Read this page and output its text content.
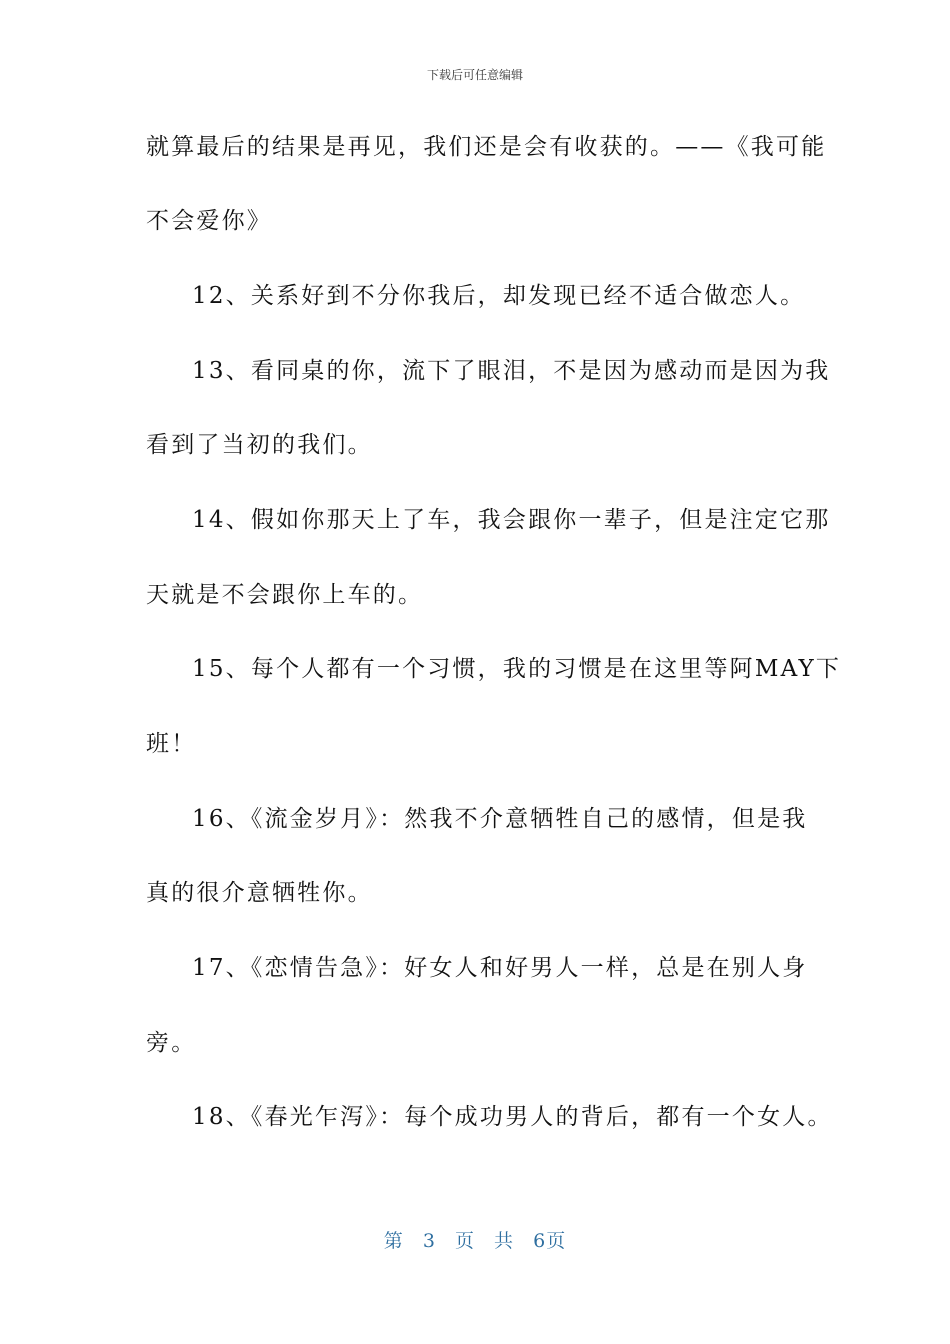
下载后可任意编辑
就算最后的结果是再见，我们还是会有收获的。——《我可能
不会爱你》
12、关系好到不分你我后，却发现已经不适合做恋人。
13、看同桌的你，流下了眼泪，不是因为感动而是因为我
看到了当初的我们。
14、假如你那天上了车，我会跟你一辈子，但是注定它那
天就是不会跟你上车的。
15、每个人都有一个习惯，我的习惯是在这里等阿MAY下
班！
16、《流金岁月》：然我不介意牺牲自己的感情，但是我
真的很介意牺牲你。
17、《恋情告急》：好女人和好男人一样，总是在别人身
旁。
18、《春光乍泻》：每个成功男人的背后，都有一个女人。
第 3 页 共 6页
